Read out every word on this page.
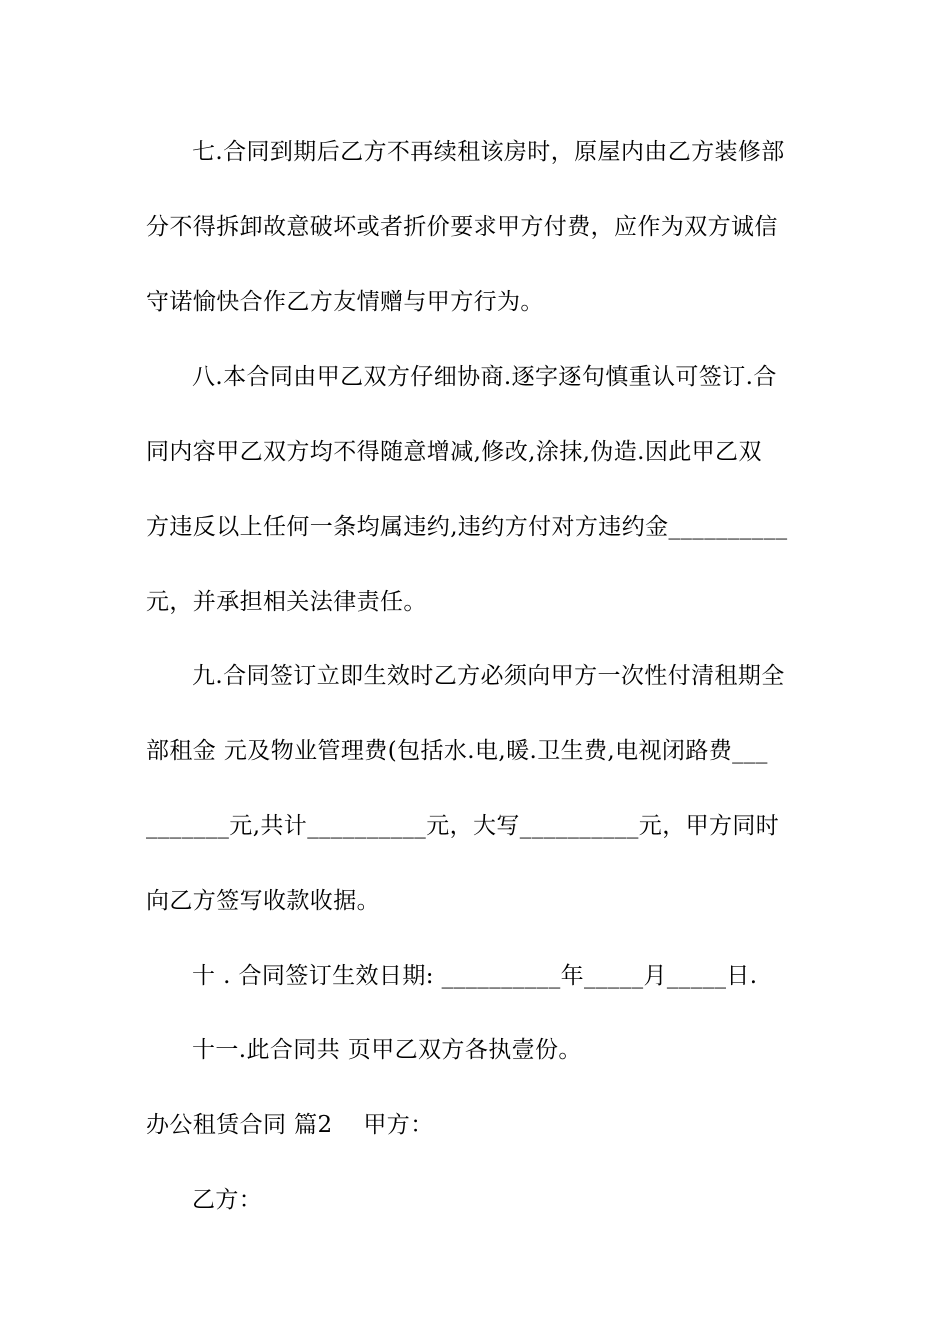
七.合同到期后乙方不再续租该房时，原屋内由乙方装修部
分不得拆卸故意破坏或者折价要求甲方付费，应作为双方诚信
守诺愉快合作乙方友情赠与甲方行为。
八.本合同由甲乙双方仔细协商.逐字逐句慎重认可签订.合
同内容甲乙双方均不得随意增减,修改,涂抹,伪造.因此甲乙双
方违反以上任何一条均属违约,违约方付对方违约金__________
元，并承担相关法律责任。
九.合同签订立即生效时乙方必须向甲方一次性付清租期全
部租金 元及物业管理费(包括水.电,暖.卫生费,电视闭路费___
_______元,共计__________元，大写__________元，甲方同时
向乙方签写收款收据。
十 . 合同签订生效日期: __________年_____月_____日.
十一.此合同共 页甲乙双方各执壹份。
办公租赁合同 篇2    甲方：
乙方：
